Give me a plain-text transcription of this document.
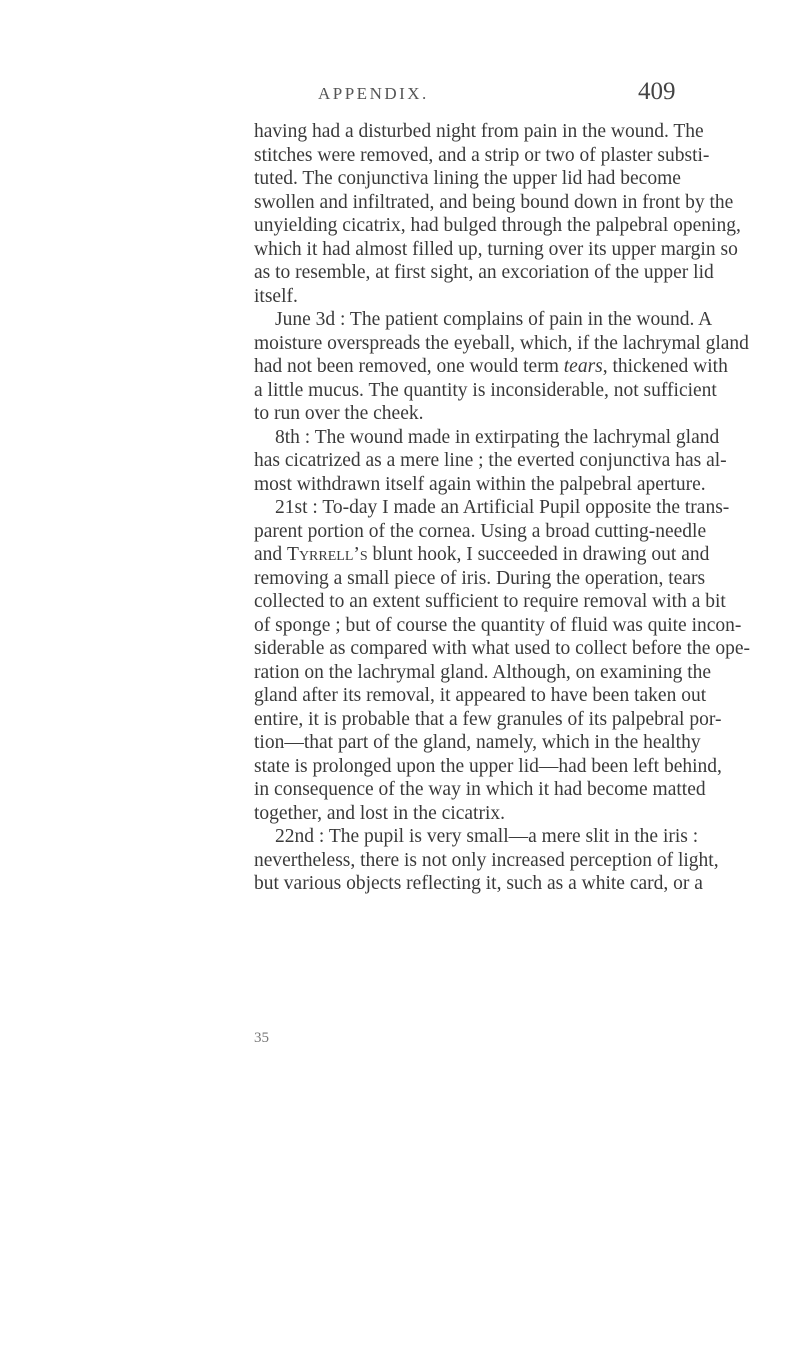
APPENDIX.	409
having had a disturbed night from pain in the wound. The
stitches were removed, and a strip or two of plaster substi-
tuted. The conjunctiva lining the upper lid had become
swollen and infiltrated, and being bound down in front by the
unyielding cicatrix, had bulged through the palpebral opening,
which it had almost filled up, turning over its upper margin so
as to resemble, at first sight, an excoriation of the upper lid
itself.
June 3d : The patient complains of pain in the wound. A
moisture overspreads the eyeball, which, if the lachrymal gland
had not been removed, one would term tears, thickened with
a little mucus. The quantity is inconsiderable, not sufficient
to run over the cheek.
8th : The wound made in extirpating the lachrymal gland
has cicatrized as a mere line ; the everted conjunctiva has al-
most withdrawn itself again within the palpebral aperture.
21st : To-day I made an Artificial Pupil opposite the trans-
parent portion of the cornea. Using a broad cutting-needle
and Tyrrell’s blunt hook, I succeeded in drawing out and
removing a small piece of iris. During the operation, tears
collected to an extent sufficient to require removal with a bit
of sponge ; but of course the quantity of fluid was quite incon-
siderable as compared with what used to collect before the ope-
ration on the lachrymal gland. Although, on examining the
gland after its removal, it appeared to have been taken out
entire, it is probable that a few granules of its palpebral por-
tion—that part of the gland, namely, which in the healthy
state is prolonged upon the upper lid—had been left behind,
in consequence of the way in which it had become matted
together, and lost in the cicatrix.
22nd : The pupil is very small—a mere slit in the iris :
nevertheless, there is not only increased perception of light,
but various objects reflecting it, such as a white card, or a
35
